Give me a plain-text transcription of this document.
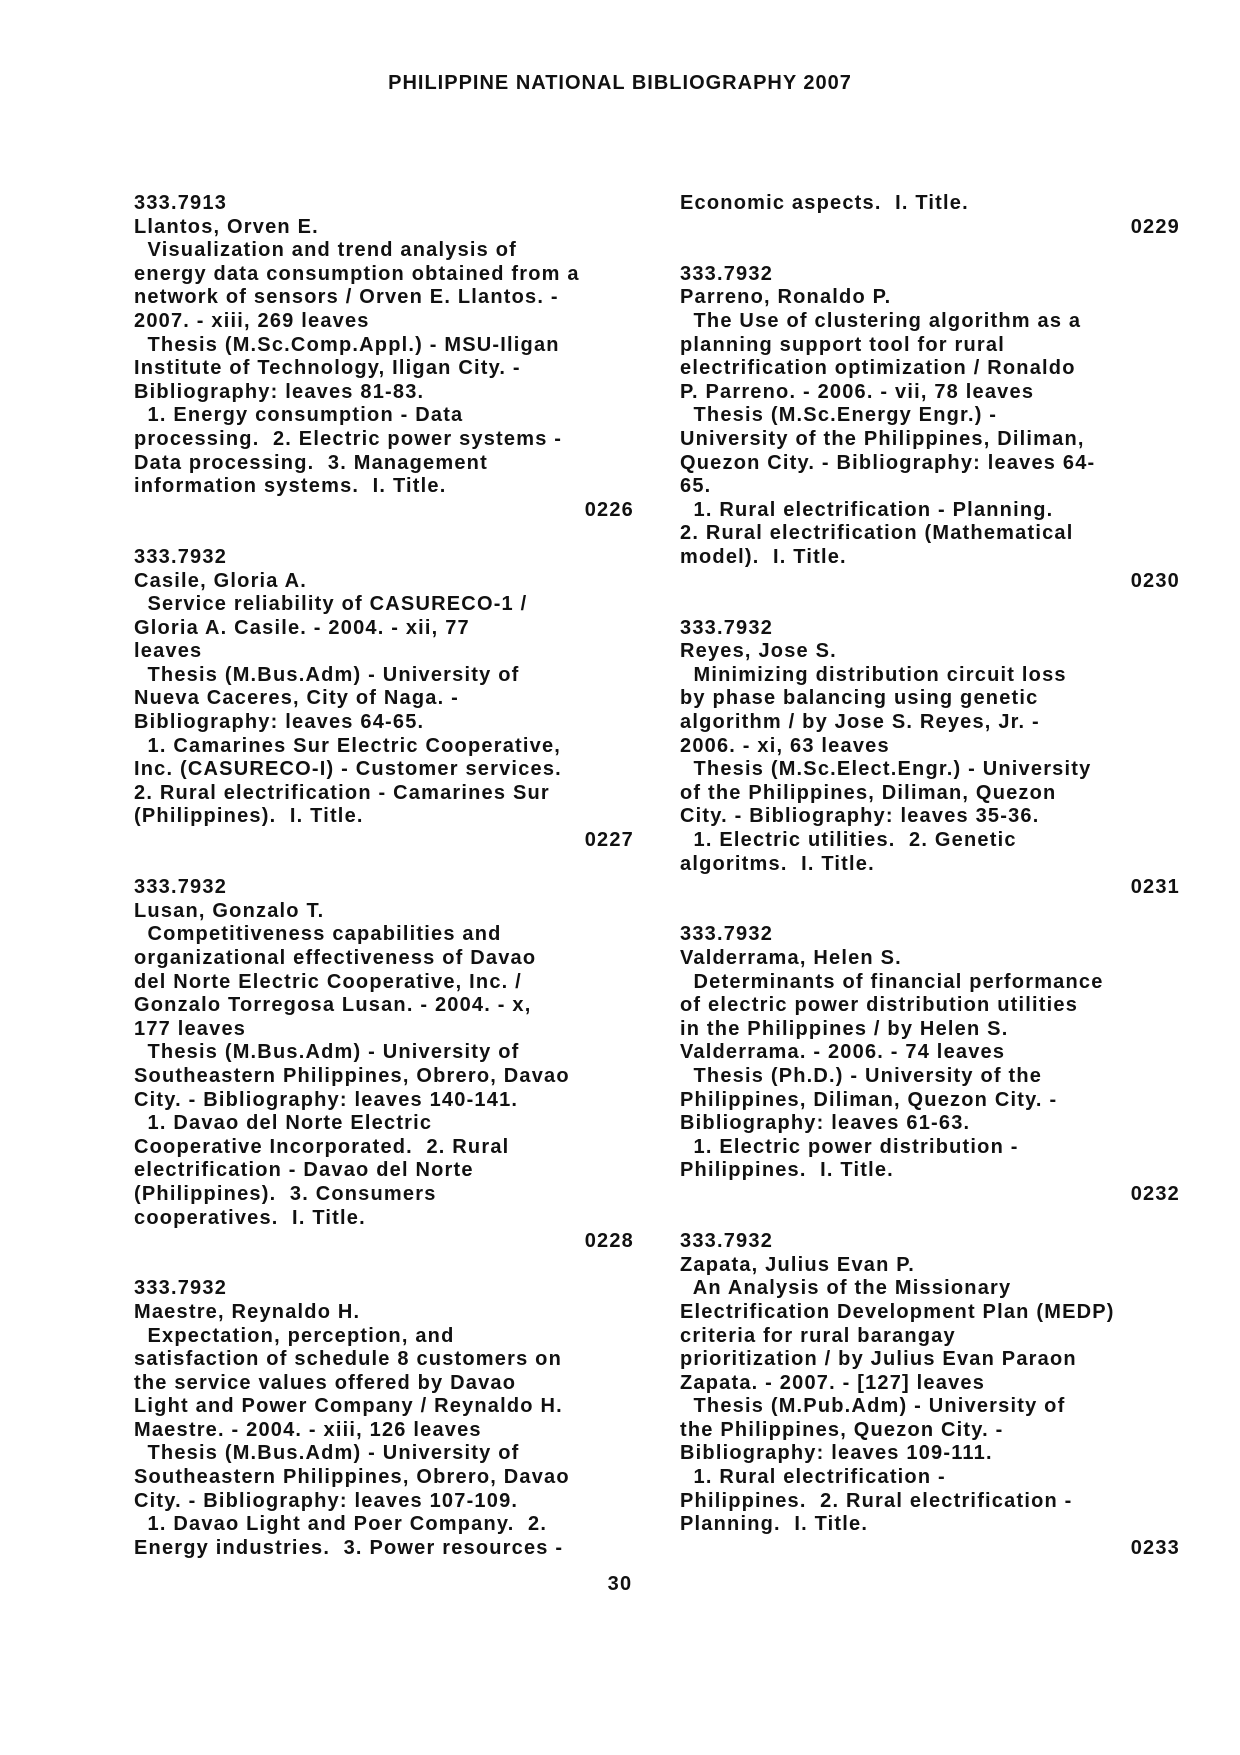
PHILIPPINE NATIONAL BIBLIOGRAPHY 2007
333.7913
Llantos, Orven E.
Visualization and trend analysis of
energy data consumption obtained from a
network of sensors / Orven E. Llantos. -
2007. - xiii, 269 leaves
Thesis (M.Sc.Comp.Appl.) - MSU-Iligan
Institute of Technology, Iligan City. -
Bibliography: leaves 81-83.
1. Energy consumption - Data
processing.  2. Electric power systems -
Data processing.  3. Management
information systems.  I. Title.
0226
333.7932
Casile, Gloria A.
Service reliability of CASURECO-1 /
Gloria A. Casile. - 2004. - xii, 77
leaves
Thesis (M.Bus.Adm) - University of
Nueva Caceres, City of Naga. -
Bibliography: leaves 64-65.
1. Camarines Sur Electric Cooperative,
Inc. (CASURECO-I) - Customer services.
2. Rural electrification - Camarines Sur
(Philippines).  I. Title.
0227
333.7932
Lusan, Gonzalo T.
Competitiveness capabilities and
organizational effectiveness of Davao
del Norte Electric Cooperative, Inc. /
Gonzalo Torregosa Lusan. - 2004. - x,
177 leaves
Thesis (M.Bus.Adm) - University of
Southeastern Philippines, Obrero, Davao
City. - Bibliography: leaves 140-141.
1. Davao del Norte Electric
Cooperative Incorporated.  2. Rural
electrification - Davao del Norte
(Philippines).  3. Consumers
cooperatives.  I. Title.
0228
333.7932
Maestre, Reynaldo H.
Expectation, perception, and
satisfaction of schedule 8 customers on
the service values offered by Davao
Light and Power Company / Reynaldo H.
Maestre. - 2004. - xiii, 126 leaves
Thesis (M.Bus.Adm) - University of
Southeastern Philippines, Obrero, Davao
City. - Bibliography: leaves 107-109.
1. Davao Light and Poer Company.  2.
Energy industries.  3. Power resources -
Economic aspects.  I. Title.
0229
333.7932
Parreno, Ronaldo P.
The Use of clustering algorithm as a
planning support tool for rural
electrification optimization / Ronaldo
P. Parreno. - 2006. - vii, 78 leaves
Thesis (M.Sc.Energy Engr.) -
University of the Philippines, Diliman,
Quezon City. - Bibliography: leaves 64-
65.
1. Rural electrification - Planning.
2. Rural electrification (Mathematical
model).  I. Title.
0230
333.7932
Reyes, Jose S.
Minimizing distribution circuit loss
by phase balancing using genetic
algorithm / by Jose S. Reyes, Jr. -
2006. - xi, 63 leaves
Thesis (M.Sc.Elect.Engr.) - University
of the Philippines, Diliman, Quezon
City. - Bibliography: leaves 35-36.
1. Electric utilities.  2. Genetic
algoritms.  I. Title.
0231
333.7932
Valderrama, Helen S.
Determinants of financial performance
of electric power distribution utilities
in the Philippines / by Helen S.
Valderrama. - 2006. - 74 leaves
Thesis (Ph.D.) - University of the
Philippines, Diliman, Quezon City. -
Bibliography: leaves 61-63.
1. Electric power distribution -
Philippines.  I. Title.
0232
333.7932
Zapata, Julius Evan P.
An Analysis of the Missionary
Electrification Development Plan (MEDP)
criteria for rural barangay
prioritization / by Julius Evan Paraon
Zapata. - 2007. - [127] leaves
Thesis (M.Pub.Adm) - University of
the Philippines, Quezon City. -
Bibliography: leaves 109-111.
1. Rural electrification -
Philippines.  2. Rural electrification -
Planning.  I. Title.
0233
30
